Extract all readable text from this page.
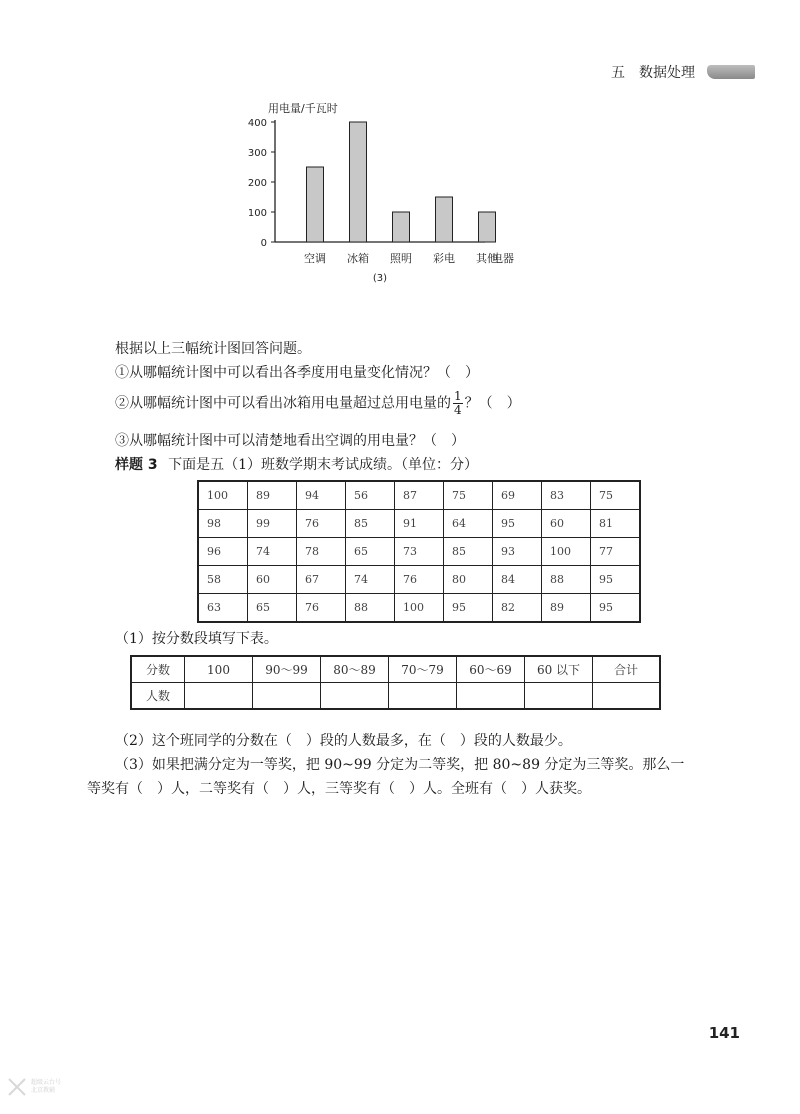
五 数据处理
用电量/千瓦时
0
100
200
300
400
空调 冰箱 照明 彩电 其他
电器
(3)
根据以上三幅统计图回答问题。
①从哪幅统计图中可以看出各季度用电量变化情况？（　）
②从哪幅统计图中可以看出冰箱用电量超过总用电量的 $\frac{1}{4}$ ？（　）
③从哪幅统计图中可以清楚地看出空调的用电量？（　）
样题 3 下面是五（1）班数学期末考试成绩。（单位：分）
100	89	94	56	87	75	69	83	75
98	99	76	85	91	64	95	60	81
96	74	78	65	73	85	93	100	77
58	60	67	74	76	80	84	88	95
63	65	76	88	100	95	82	89	95
（1）按分数段填写下表。
分数	100	90～99	80～89	70～79	60～69	60 以下	合计
人数							
（2）这个班同学的分数在（　）段的人数最多，在（　）段的人数最少。
（3）如果把满分定为一等奖，把 90~99 分定为二等奖，把 80~89 分定为三等奖。那么一
等奖有（　）人，二等奖有（　）人，三等奖有（　）人。全班有（　）人获奖。
141
超级云台号
北京教辅
